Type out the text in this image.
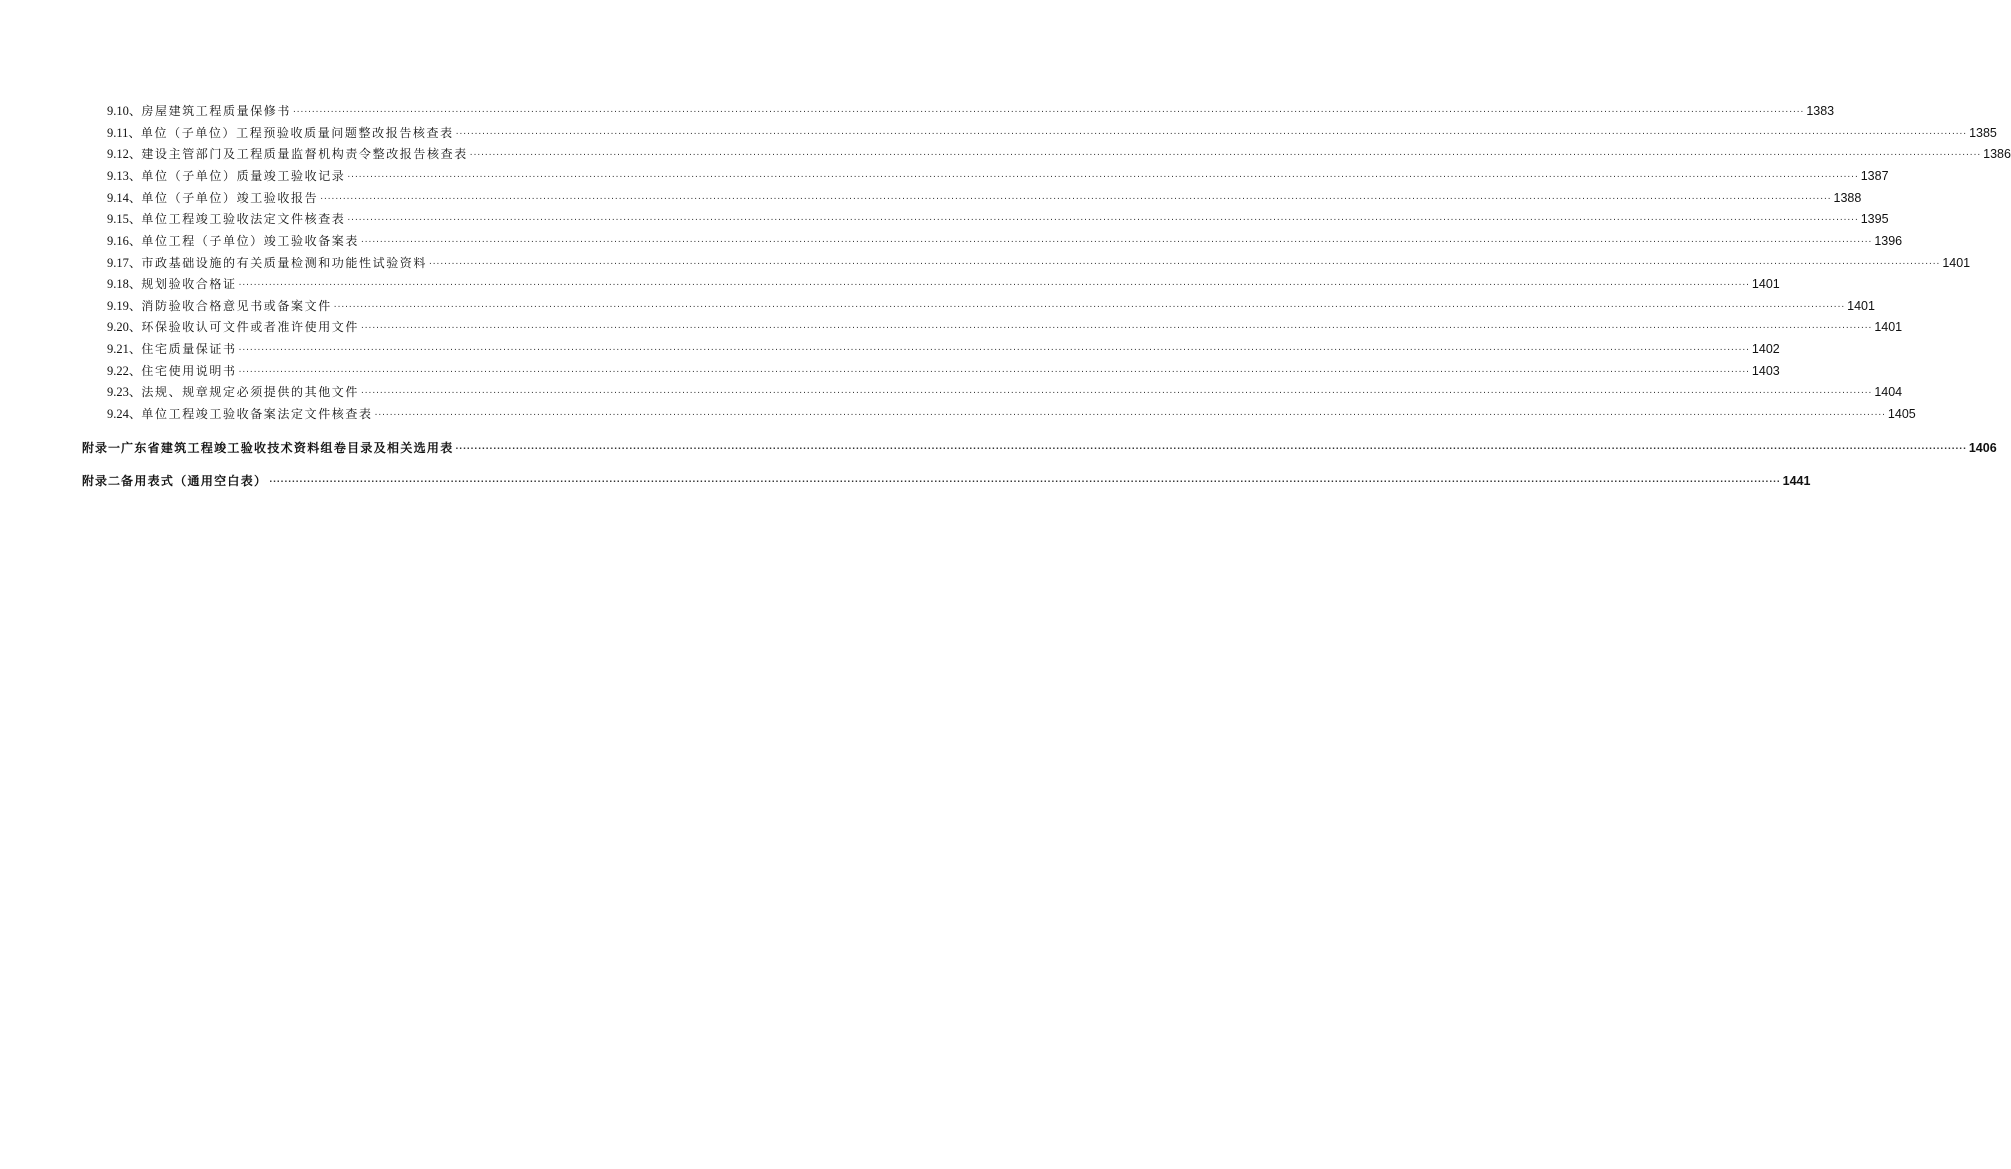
9.10、 房屋建筑工程质量保修书 ................................................................................................................................................................................................................................................................................................................................................................................................................ 1383
9.11、 单位（子单位）工程预验收质量问题整改报告核查表 ................................................................................................................................................................................................................................................................................................................................................................................................................ 1385
9.12、 建设主管部门及工程质量监督机构责令整改报告核查表 ................................................................................................................................................................................................................................................................................................................................................................................................................ 1386
9.13、 单位（子单位）质量竣工验收记录 ................................................................................................................................................................................................................................................................................................................................................................................................................ 1387
9.14、 单位（子单位）竣工验收报告 ................................................................................................................................................................................................................................................................................................................................................................................................................ 1388
9.15、 单位工程竣工验收法定文件核查表 ................................................................................................................................................................................................................................................................................................................................................................................................................ 1395
9.16、 单位工程（子单位）竣工验收备案表 ................................................................................................................................................................................................................................................................................................................................................................................................................ 1396
9.17、 市政基础设施的有关质量检测和功能性试验资料 ................................................................................................................................................................................................................................................................................................................................................................................................................ 1401
9.18、 规划验收合格证 ................................................................................................................................................................................................................................................................................................................................................................................................................ 1401
9.19、 消防验收合格意见书或备案文件 ................................................................................................................................................................................................................................................................................................................................................................................................................ 1401
9.20、 环保验收认可文件或者准许使用文件 ................................................................................................................................................................................................................................................................................................................................................................................................................ 1401
9.21、 住宅质量保证书 ................................................................................................................................................................................................................................................................................................................................................................................................................ 1402
9.22、 住宅使用说明书 ................................................................................................................................................................................................................................................................................................................................................................................................................ 1403
9.23、 法规、规章规定必须提供的其他文件 ................................................................................................................................................................................................................................................................................................................................................................................................................ 1404
9.24、 单位工程竣工验收备案法定文件核查表 ................................................................................................................................................................................................................................................................................................................................................................................................................ 1405
附录一 广东省建筑工程竣工验收技术资料组卷目录及相关选用表 ................................................................................................................................................................................................................................................................................................................................................................................................................ 1406
附录二 备用表式（通用空白表） ................................................................................................................................................................................................................................................................................................................................................................................................................ 1441
